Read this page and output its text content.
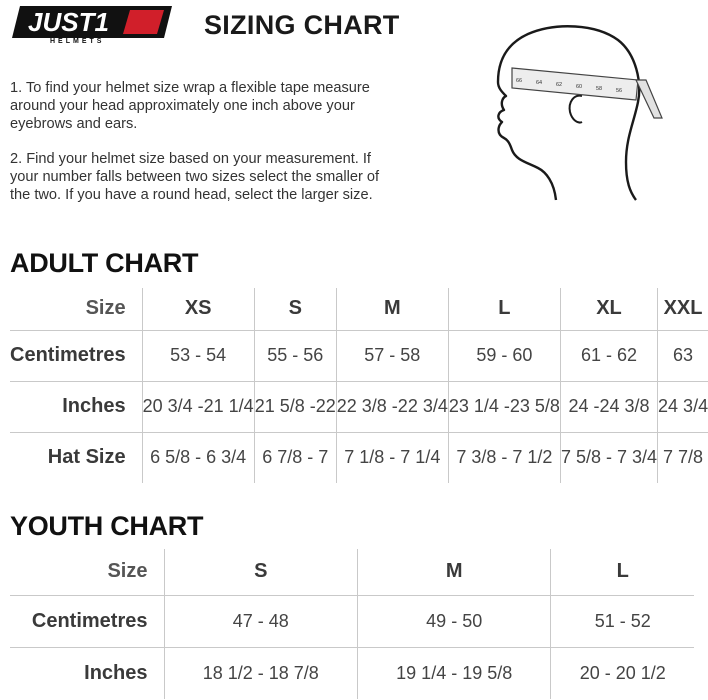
JUST1
HELMETS
SIZING CHART

1. To find your helmet size wrap a flexible tape measure around your head approximately one inch above your eyebrows and ears.

2. Find your helmet size based on your measurement. If your number falls between two sizes select the smaller of the two. If you have a round head, select the larger size.

66	64	62	60	58	56
ADULT CHART
Size	XS	S	M	L	XL	XXL
Centimetres	53 - 54	55 - 56	57 - 58	59 - 60	61 - 62	63
Inches	20 3/4 -21 1/4	21 5/8 -22	22 3/8 -22 3/4	23 1/4 -23 5/8	24 -24 3/8	24 3/4
Hat Size	6 5/8 - 6 3/4	6 7/8 - 7	7 1/8 - 7 1/4	7 3/8 - 7 1/2	7 5/8 - 7 3/4	7 7/8
YOUTH CHART
Size	S	M	L
Centimetres	47 - 48	49 - 50	51 - 52
Inches	18 1/2 - 18 7/8	19 1/4 - 19 5/8	20 - 20 1/2
